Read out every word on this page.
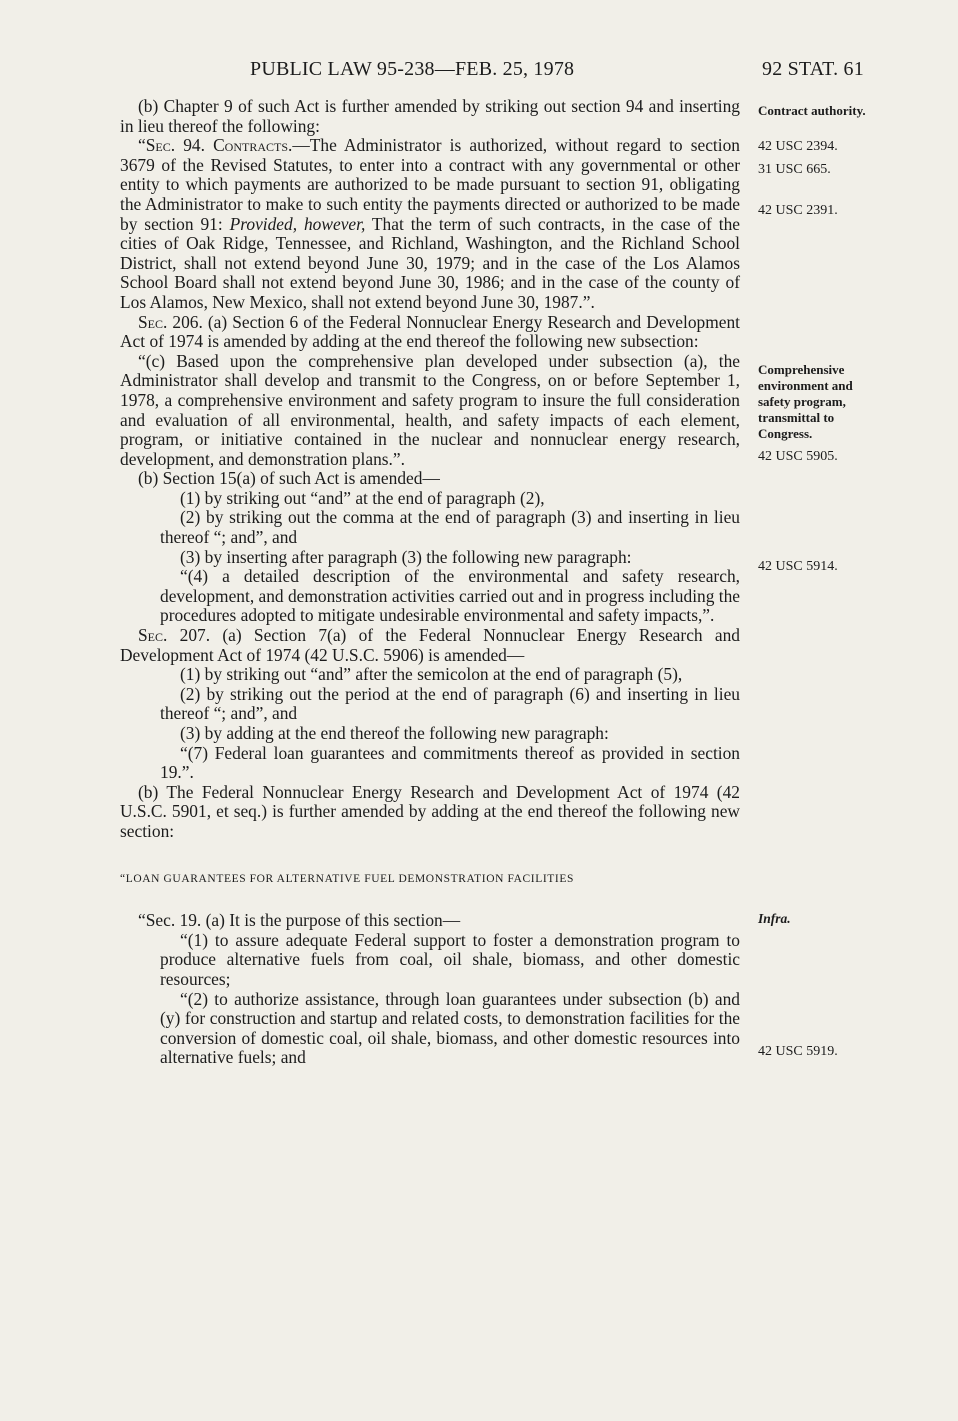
PUBLIC LAW 95-238—FEB. 25, 1978	92 STAT. 61

(b) Chapter 9 of such Act is further amended by striking out section 94 and inserting in lieu thereof the following:

“Sec. 94. Contracts.—The Administrator is authorized, without regard to section 3679 of the Revised Statutes, to enter into a contract with any governmental or other entity to which payments are authorized to be made pursuant to section 91, obligating the Administrator to make to such entity the payments directed or authorized to be made by section 91: Provided, however, That the term of such contracts, in the case of the cities of Oak Ridge, Tennessee, and Richland, Washington, and the Richland School District, shall not extend beyond June 30, 1979; and in the case of the Los Alamos School Board shall not extend beyond June 30, 1986; and in the case of the county of Los Alamos, New Mexico, shall not extend beyond June 30, 1987.”.

Sec. 206. (a) Section 6 of the Federal Nonnuclear Energy Research and Development Act of 1974 is amended by adding at the end thereof the following new subsection:

“(c) Based upon the comprehensive plan developed under subsection (a), the Administrator shall develop and transmit to the Congress, on or before September 1, 1978, a comprehensive environment and safety program to insure the full consideration and evaluation of all environmental, health, and safety impacts of each element, program, or initiative contained in the nuclear and nonnuclear energy research, development, and demonstration plans.”.

(b) Section 15(a) of such Act is amended—

(1) by striking out “and” at the end of paragraph (2),

(2) by striking out the comma at the end of paragraph (3) and inserting in lieu thereof “; and”, and

(3) by inserting after paragraph (3) the following new paragraph:

“(4) a detailed description of the environmental and safety research, development, and demonstration activities carried out and in progress including the procedures adopted to mitigate undesirable environmental and safety impacts,”.

Sec. 207. (a) Section 7(a) of the Federal Nonnuclear Energy Research and Development Act of 1974 (42 U.S.C. 5906) is amended—

(1) by striking out “and” after the semicolon at the end of paragraph (5),

(2) by striking out the period at the end of paragraph (6) and inserting in lieu thereof “; and”, and

(3) by adding at the end thereof the following new paragraph:

“(7) Federal loan guarantees and commitments thereof as provided in section 19.”.

(b) The Federal Nonnuclear Energy Research and Development Act of 1974 (42 U.S.C. 5901, et seq.) is further amended by adding at the end thereof the following new section:

“LOAN GUARANTEES FOR ALTERNATIVE FUEL DEMONSTRATION FACILITIES

“Sec. 19. (a) It is the purpose of this section—

“(1) to assure adequate Federal support to foster a demonstration program to produce alternative fuels from coal, oil shale, biomass, and other domestic resources;

“(2) to authorize assistance, through loan guarantees under subsection (b) and (y) for construction and startup and related costs, to demonstration facilities for the conversion of domestic coal, oil shale, biomass, and other domestic resources into alternative fuels; and

Contract authority.
42 USC 2394.
31 USC 665.
42 USC 2391.
Comprehensive environment and safety program, transmittal to Congress.
42 USC 5905.
42 USC 5914.
Infra.
42 USC 5919.
